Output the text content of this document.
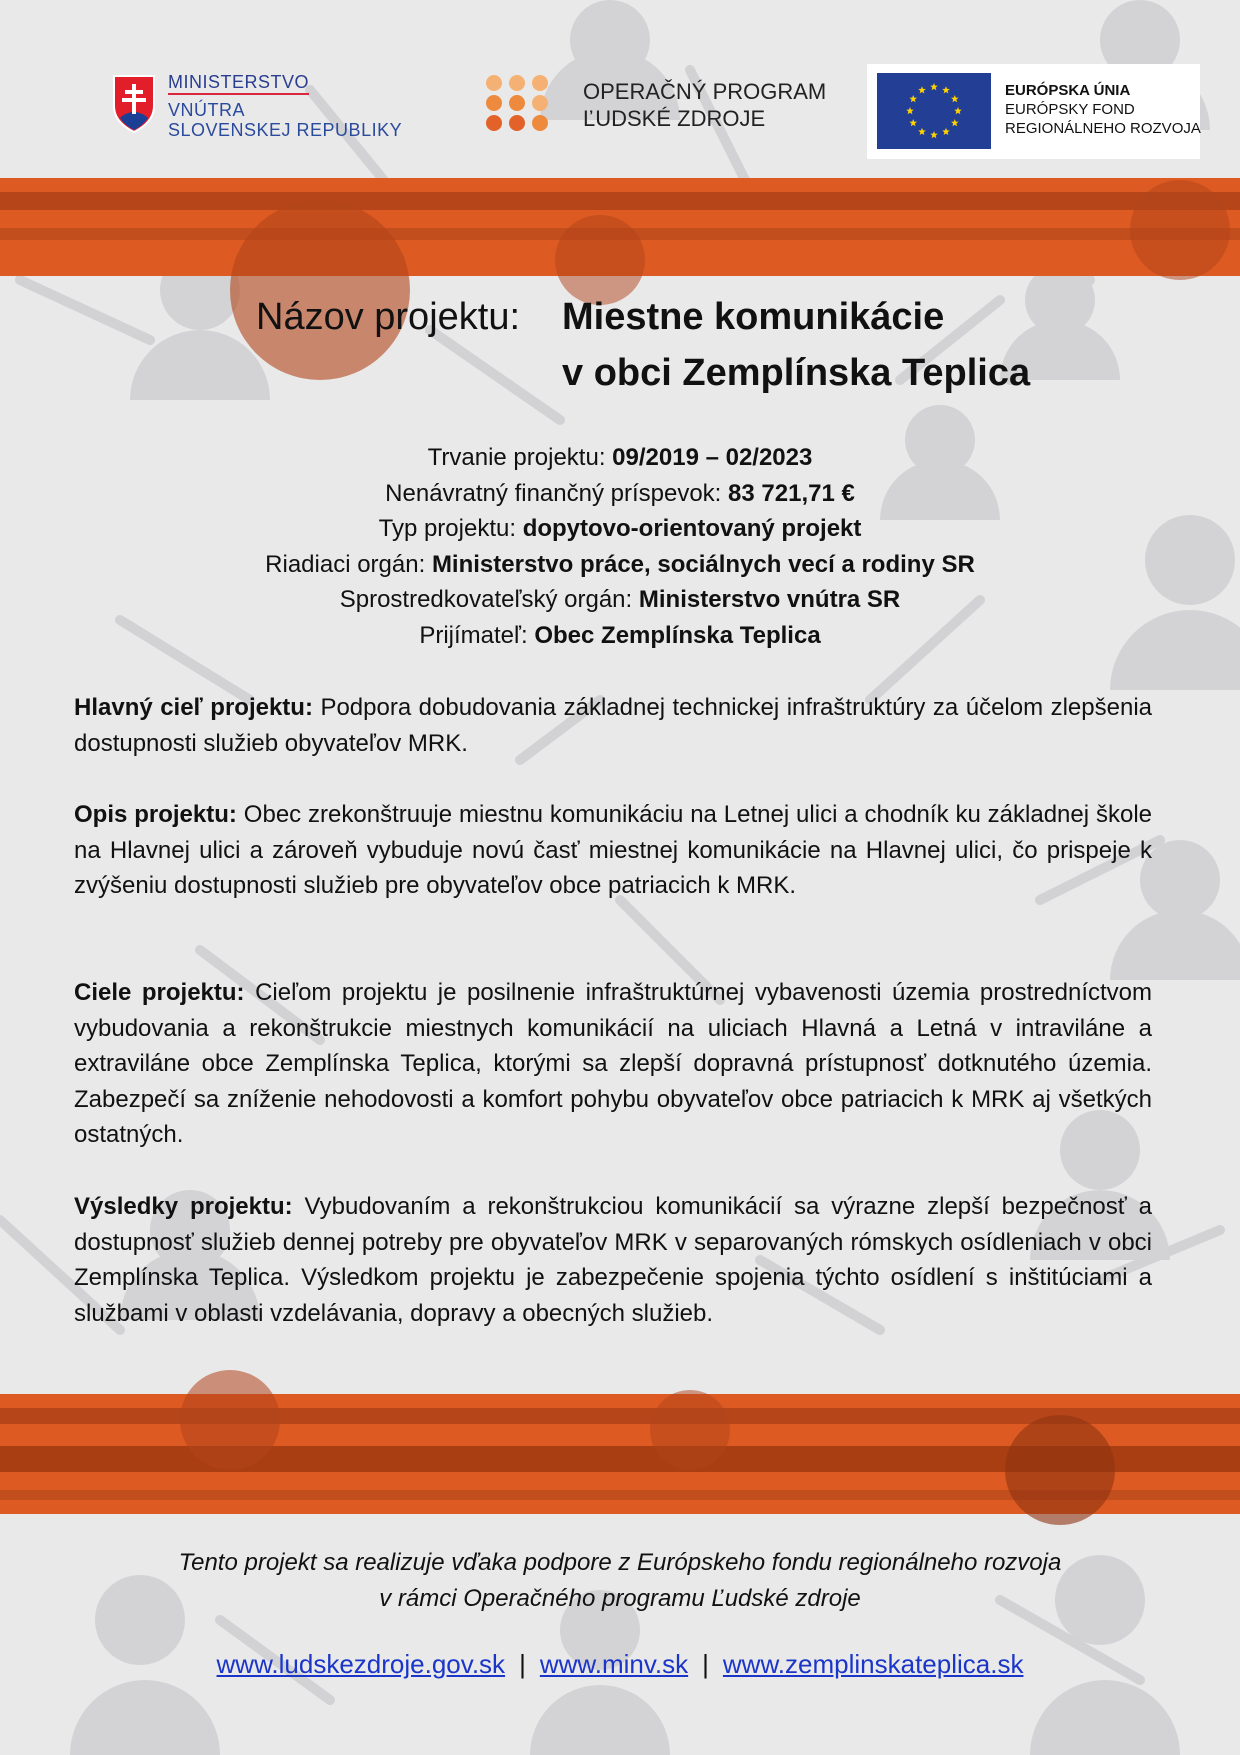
MINISTERSTVO
VNÚTRA
SLOVENSKEJ REPUBLIKY
OPERAČNÝ PROGRAM
ĽUDSKÉ ZDROJE
EURÓPSKA ÚNIA
EURÓPSKY FOND
REGIONÁLNEHO ROZVOJA
Názov projektu: Miestne komunikácie
v obci Zemplínska Teplica
Trvanie projektu: 09/2019 – 02/2023
Nenávratný finančný príspevok: 83 721,71 €
Typ projektu: dopytovo-orientovaný projekt
Riadiaci orgán: Ministerstvo práce, sociálnych vecí a rodiny SR
Sprostredkovateľský orgán: Ministerstvo vnútra SR
Prijímateľ: Obec Zemplínska Teplica
Hlavný cieľ projektu: Podpora dobudovania základnej technickej infraštruktúry za účelom zlepšenia dostupnosti služieb obyvateľov MRK.
Opis projektu: Obec zrekonštruuje miestnu komunikáciu na Letnej ulici a chodník ku základnej škole na Hlavnej ulici a zároveň vybuduje novú časť miestnej komunikácie na Hlavnej ulici, čo prispeje k zvýšeniu dostupnosti služieb pre obyvateľov obce patriacich k MRK.
Ciele projektu: Cieľom projektu je posilnenie infraštruktúrnej vybavenosti územia prostredníctvom vybudovania a rekonštrukcie miestnych komunikácií na uliciach Hlavná a Letná v intraviláne a extraviláne obce Zemplínska Teplica, ktorými sa zlepší dopravná prístupnosť dotknutého územia. Zabezpečí sa zníženie nehodovosti a komfort pohybu obyvateľov obce patriacich k MRK aj všetkých ostatných.
Výsledky projektu: Vybudovaním a rekonštrukciou komunikácií sa výrazne zlepší bezpečnosť a dostupnosť služieb dennej potreby pre obyvateľov MRK v separovaných rómskych osídleniach v obci Zemplínska Teplica. Výsledkom projektu je zabezpečenie spojenia týchto osídlení s inštitúciami a službami v oblasti vzdelávania, dopravy a obecných služieb.
Tento projekt sa realizuje vďaka podpore z Európskeho fondu regionálneho rozvoja
v rámci Operačného programu Ľudské zdroje
www.ludskezdroje.gov.sk | www.minv.sk | www.zemplinskateplica.sk
